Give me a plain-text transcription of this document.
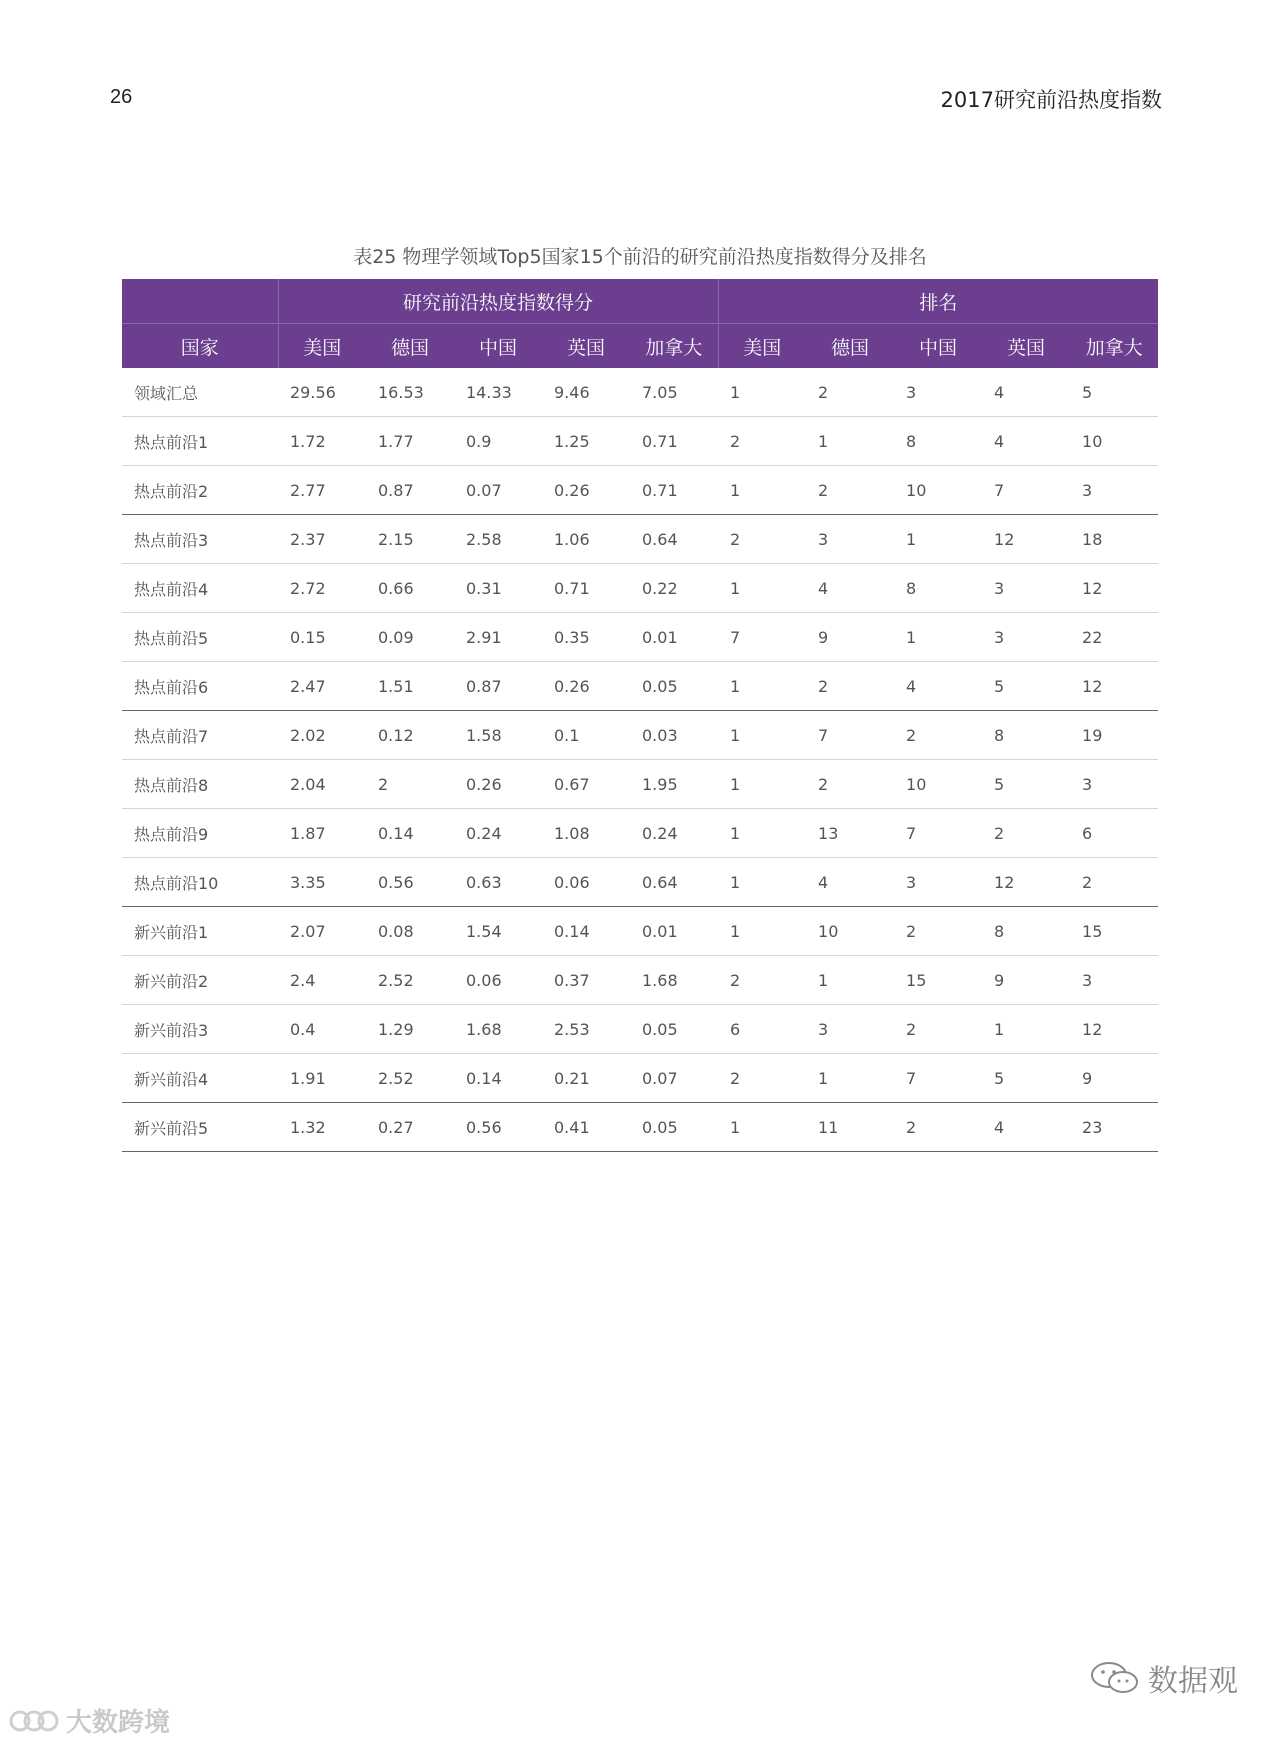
26	2017研究前沿热度指数
表25 物理学领域Top5国家15个前沿的研究前沿热度指数得分及排名
	研究前沿热度指数得分					排名				
国家	美国	德国	中国	英国	加拿大	美国	德国	中国	英国	加拿大
领域汇总	29.56	16.53	14.33	9.46	7.05	1	2	3	4	5
热点前沿1	1.72	1.77	0.9	1.25	0.71	2	1	8	4	10
热点前沿2	2.77	0.87	0.07	0.26	0.71	1	2	10	7	3
热点前沿3	2.37	2.15	2.58	1.06	0.64	2	3	1	12	18
热点前沿4	2.72	0.66	0.31	0.71	0.22	1	4	8	3	12
热点前沿5	0.15	0.09	2.91	0.35	0.01	7	9	1	3	22
热点前沿6	2.47	1.51	0.87	0.26	0.05	1	2	4	5	12
热点前沿7	2.02	0.12	1.58	0.1	0.03	1	7	2	8	19
热点前沿8	2.04	2	0.26	0.67	1.95	1	2	10	5	3
热点前沿9	1.87	0.14	0.24	1.08	0.24	1	13	7	2	6
热点前沿10	3.35	0.56	0.63	0.06	0.64	1	4	3	12	2
新兴前沿1	2.07	0.08	1.54	0.14	0.01	1	10	2	8	15
新兴前沿2	2.4	2.52	0.06	0.37	1.68	2	1	15	9	3
新兴前沿3	0.4	1.29	1.68	2.53	0.05	6	3	2	1	12
新兴前沿4	1.91	2.52	0.14	0.21	0.07	2	1	7	5	9
新兴前沿5	1.32	0.27	0.56	0.41	0.05	1	11	2	4	23
数据观
大数跨境
